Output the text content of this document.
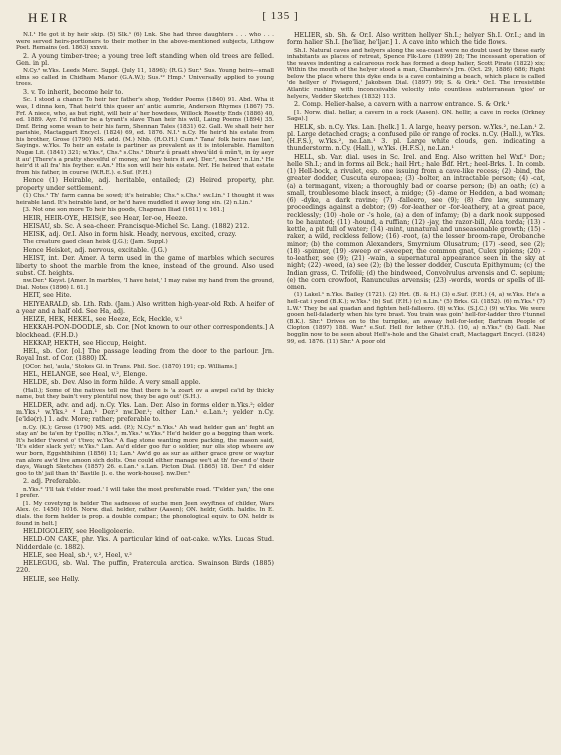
HEIR	[ 135 ]	HELL

N.I.¹ He got it by heir skip. (5) Slk.¹ (6) Lnk. She had three daughters . . . who . . . were served heirs-portioners to their mother in the above-mentioned subjects, Lithgow Poet. Remains (ed. 1863) xxxvii.

2. A young timber-tree; a young tree left standing when old trees are felled. Gen. in pl.

N.Cy.² w.Yks. Leeds Merc. Suppl. (July 11, 1896); (R.G.) Sur.¹ Sus. Young heirs—small elms so called in Chidham Manor (G.A.W.); Sus.¹² Hmp.¹ Universally applied to young trees.

3. v. To inherit, become heir to.

Sc. I stood a chance To heir her father's shop, Yedder Poems (1840) 91. Abd. Wha it was, I dinna ken, That heir'd this queer an' antic aumrie, Anderson Rhymes (1867) 75. Frf. A niece, who, as but right, will heir a' her howdees, Willock Rosetty Ends (1886) 40, ed. 1889. Ayr. I'd rather be a tyrant's slave Than heir his will, Laing Poems (1894) 35. Dmf. Bring some wean to heir his farm, Shennan Tales (1831) 62. Gall. We shall heir her parishie, Mactaggart Encycl. (1824) 69, ed. 1876. N.I.¹ n.Cy. He heir'd his estate from his brother, Grose (1790) MS. add. (M.) Nhb. (R.O.H.) Cum.⁴ Tana' folk heirs nae lan', Sayings. w.Yks. To heir an estate is partiner as prevalent as it is intolerable. Hamilton Nugæ Lit. (1841) 321; w.Yks.², Chs.³ s.Chs.¹ Dhur'z ŭ praatt shwu'ŭld ŭ mûn't, in ŭy aeyr it au' [There's a pratty shovelful o' money, an' hey heirs it aw]. Der.², nw.Der.¹ n.Lin.¹ He heir'd it all fra' his feyther. e.An.¹ His son will heir his estate. Nrf. He heired that estate from his father, in course (W.R.E.). e.Suf. (F.H.)

Hence (1) Heirable, adj. heritable, entailed; (2) Heired property, phr. property under settlement.

(1) Chs.¹ Th' farm canna be sowd; it's heirable; Chs.³ s.Chs.¹ sw.Lin.¹ I thought it was heirable land. It's heirable land, or he'd have muddled it away long sin. (2) n.Lin.¹

[3. Not one son more To heir his goods, Chapman Iliad (1611) v. 161.]

HEIR, HEIR-OYE, HEIS(E, see Hear, Ier-oe, Heeze.

HEISAU, sb. Sc. A sea-cheer. Francisque-Michel Sc. Lang. (1882) 212.

HEISK, adj. Or.I. Also in form hisk. Heady, nervous, excited, crazy.

The creature gaed clean heisk (J.G.); (Jam. Suppl.)

Hence Heisket, adj. nervous, excitable. (J.G.)

HEIST, int. Der. Amer. A term used in the game of marbles which secures liberty to shoot the marble from the knee, instead of the ground. Also used subst. Cf. heights.

nw.Der.¹ Keyst. [Amer. In marbles, 'I have heist,' I may raise my hand from the ground, Dial. Notes (1896) I. 61.]

HEIT, see Hite.

HEIYEARALD, sb. Lth. Rxb. (Jam.) Also written high-year-old Rxb. A heifer of a year and a half old. See Ha, adj.

HEIZE, HEK, HEKEL, see Heeze, Eck, Heckle, v.¹

HEKKAH-PON-DOODLE, sb. Cor. [Not known to our other correspondents.] A blockhead. (F.H.D.)

HEKKAP, HEKTH, see Hiccup, Height.

HEL, sb. Cor. [ol.] The passage leading from the door to the parlour. Jrn. Royal Inst. of Cor. (1880) IX.

[OCor. hel, 'aula,' Stokes Gl. in Trans. Phil. Soc. (1870) 191; cp. Williams.]

HEL, HELANGE, see Heal, v.², Elenge.

HELDE, sb. Dev. Also in form hilde. A very small apple.

(Hall.); Some of the natives tell me that there is 'a zoart ov a awpel ca'id by thicky name, but they bain't very plentiful now, they be ago out' (S.H.).

HELDER, adv. and adj. n.Cy. Yks. Lan. Der. Also in forms elder n.Yks.²; elder m.Yks.¹ w.Yks.² ⁴ Lan.¹ Der.² nw.Der.¹; elther Lan.¹ e.Lan.¹; yelder n.Cy. [e'ldə(r).] 1. adv. More; rather; preferable to.

n.Cy. (K.); Grose (1790) MS. add. (P.); N.Cy.² n.Yks.¹ Ah wad helder gan an' feght an stay an' be ta'en by t'pollis; n.Yks.², m.Yks.¹ w.Yks.² He'd helder go a begging than work. It's helder t'worst o' t'two; w.Yks.⁴ A flag stone wanting more packing, the mason said, 'It's elder slack yet'; w.Yks.⁵ Lan. Au'd elder goo fur o soldier, nur olis stop wheere aw wur born, Eggshthihinn (1856) 11; Lan.¹ Aw'd go as sur as aither grace grew or waytur ran alore aw'd live amoon sich dolts. One could elther manage we't at th' for-end o' their days, Waugh Sketches (1857) 26. e.Lan.¹ s.Lan. Picton Dial. (1865) 18. Der.² I'd elder goo to th' jail than th' Bastile [i. e. the work-house]. nw.Der.¹

2. adj. Preferable.

n.Yks.² 'I'll tak t'elder road.' I will take the most preferable road. 'T'elder yan,' the one I prefer.

[1. My covetyng is helder The sadnesse of suche men Jeen swyftnes of childer, Wars Alex. (c. 1450) 1016. Norw. dial. helder, rather (Aasen); ON. heldr, Goth. haldis. In E. dials. the form helder is prop. a double compar.; the phonological equiv. to ON. heldr is found in helt.]

HELDIGOLERY, see Heeligoleerie.

HELD-ON CAKE, phr. Yks. A particular kind of oat-cake. w.Yks. Lucas Stud. Nidderdale (c. 1882).

HELE, see Heal, sb.¹, v.², Heel, v.²

HELEGUG, sb. Wal. The puffin, Fratercula arctica. Swainson Birds (1885) 220.

HELIE, see Helly.

HELIER, sb. Sh. & Or.I. Also written hellyer Sh.I.; helyer Sh.I. Or.I.; and in form halier Sh.I. [he'liar, he'ljər.] 1. A cave into which the tide flows.

Sh.I. Natural caves and helyers along the sea-coast were no doubt used by these early inhabitants as places of retreat, Spence Flk-Lore (1899) 28; The incessant operation of the waves indenting a calcareous rock has formed a deep halier, Scott Pirate (1822) xix; Within the mouth of the helyer stood a man, Chambers's Jrn. (Oct. 29, 1886) 686; Right below the place where this dyke ends is a cave containing a beach, which place is called 'de hellyer o' Fiviagord,' Jakobsen Dial. (1897) 99; S. & Ork.¹ Or.I. The irresistible Atlantic rushing with inconceivable velocity into countless subterranean 'gios' or helyers, Vedder Sketches (1832) 113.

2. Comp. Helier-halse, a cavern with a narrow entrance. S. & Ork.¹

[1. Norw. dial. hellar, a cavern in a rock (Aasen). ON. hellir, a cave in rocks (Orkney Saga).]

HELK, sb. n.Cy. Yks. Lan. [helk.] 1. A large, heavy person. w.Yks.², ne.Lan.¹ 2. pl. Large detached crags; a confused pile or range of rocks. n.Cy. (Hall.), w.Yks. (H.F.S.), w.Yks.², ne.Lan.¹ 3. pl. Large white clouds, gen. indicating a thunderstorm. n.Cy. (Hall.), w.Yks. (H.F.S.), ne.Lan.¹

HELL, sb. Var. dial. uses in Sc. Irel. and Eng. Also written hel Wxf.¹ Dor.; helle Sh.I.; and in forms ail Bck.; hail Hrt.; hale Bdf. Hrt.; heel-Brks. 1. In comb. (1) Hell-bock, a rivulet, esp. one issuing from a cave-like recess; (2) -bind, the greater dodder, Cuscuta europaea; (3) -bolter, an intractable person; (4) -cat, (a) a termagant, vixen; a thoroughly bad or coarse person; (b) an oath; (c) a small, troublesome black insect, a midge; (5) -dame or Hedden, a bad woman; (6) -dyke, a dark ravine; (7) -falleero, see (9); (8) -fire law, summary proceedings against a debtor; (9) -for-leather or -for-leathery, at a great pace, recklessly; (10) -hole or -'s hole, (a) a den of infamy; (b) a dark nook supposed to be haunted; (11) -hound, a ruffian; (12) -jay, the razor-bill, Alca torda; (13) -kettle, a pit full of water; (14) -mint, unnatural and unseasonable growth; (15) -raker, a wild, reckless fellow; (16) -root, (a) the lesser broom-rape, Orobanche minor; (b) the common Alexanders, Smyrnium Olusatrum; (17) -seed, see (2); (18) -spinner, (19) -sweep or -sweeper, the common gnat, Culex pipiens; (20) -to-leather, see (9); (21) -wain, a supernatural appearance seen in the sky at night; (22) -weed, (a) see (2); (b) the lesser dodder, Cuscuta Epithymum; (c) the Indian grass, C. Trifolii; (d) the bindweed, Convolvulus arvensis and C. sepium; (e) the corn crowfoot, Ranunculus arvensis; (23) -words, words or spells of ill-omen.

(1) Lakel.¹ n.Yks. Bailey (1721). (2) Hrt. (B. & H.) (3) e.Suf. (F.H.) (4, a) w.Yks. He's a hell-cat i yond (B.K.); w.Yks.¹ (b) Suf. (F.H.) (c) n.Lin.¹ (5) Brks. Gl. (1852). (6) m.Yks.¹ (7) L.W.¹ They be aal quadan and fighten hell-falleero. (8) w.Yks. (S.J.C.) (9) w.Yks. We were gooen hell-faladerly when his tyre brast. You train was goin' hell-for-ladder thro t'tunnel (B.K.). Shr.¹ Drives on to the turnpike, an awaay hell-for-leder, Bartram People of Clopton (1897) 188. War.² e.Suf. Hell for lether (F.H.). (10, a) n.Yks.² (b) Gall. Nae bogglin now to be seen about Hell's-hole and the Ghaist craft, Mactaggart Encycl. (1824) 99, ed. 1876. (11) Shr.¹ A poor old
